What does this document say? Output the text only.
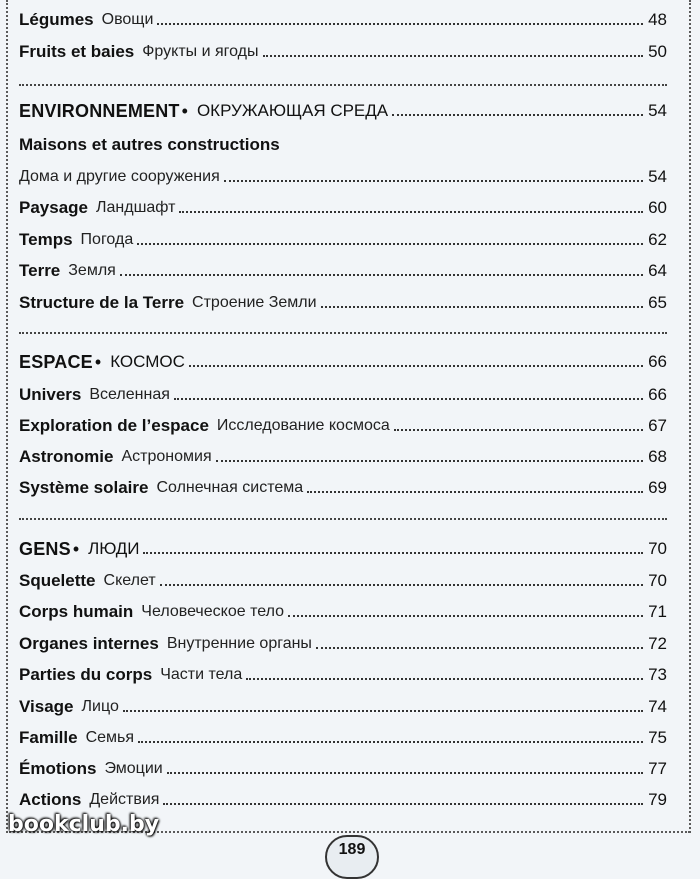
Légumes Овощи	48
Fruits et baies Фрукты и ягоды	50
ENVIRONNEMENT • ОКРУЖАЮЩАЯ СРЕДА	54
Maisons et autres constructions
Дома и другие сооружения	54
Paysage Ландшафт	60
Temps Погода	62
Terre Земля	64
Structure de la Terre Строение Земли	65
ESPACE • КОСМОС	66
Univers Вселенная	66
Exploration de l’espace Исследование космоса	67
Astronomie Астрономия	68
Système solaire Солнечная система	69
GENS • ЛЮДИ	70
Squelette Скелет	70
Corps humain Человеческое тело	71
Organes internes Внутренние органы	72
Parties du corps Части тела	73
Visage Лицо	74
Famille Семья	75
Émotions Эмоции	77
Actions Действия	79
bookclub.by
189
